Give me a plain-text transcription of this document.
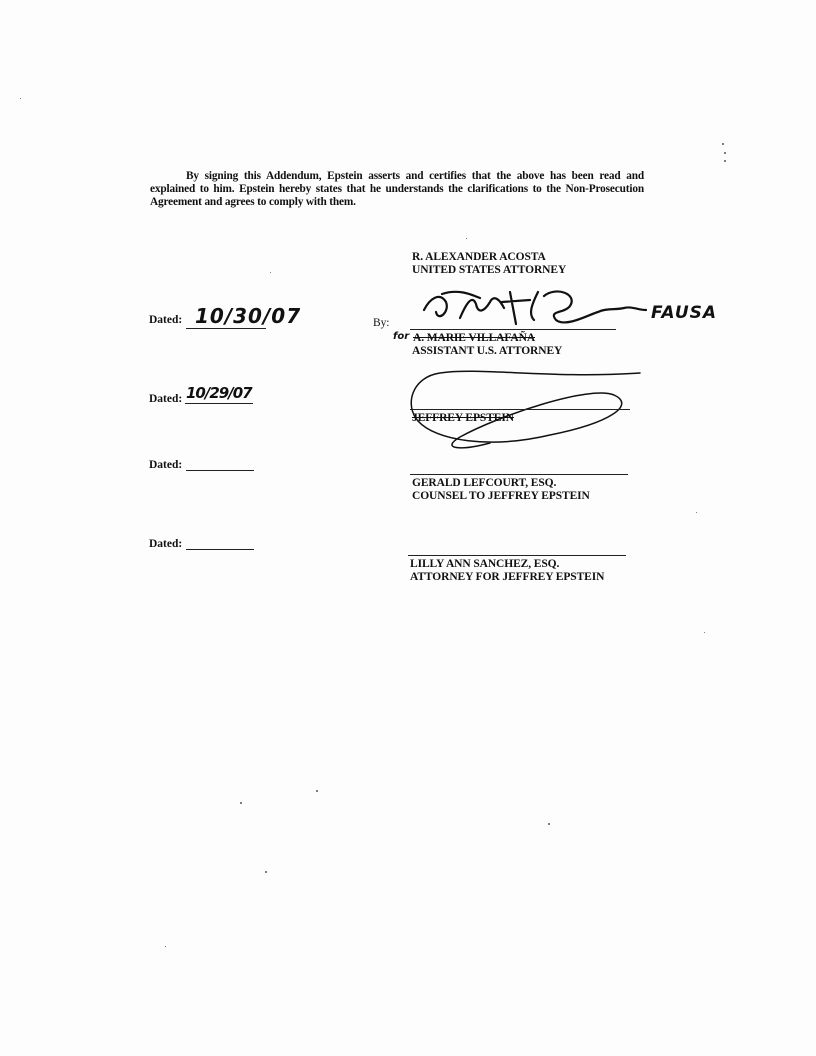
By signing this Addendum, Epstein asserts and certifies that the above has been read and explained to him. Epstein hereby states that he understands the clarifications to the Non-Prosecution Agreement and agrees to comply with them.
R. ALEXANDER ACOSTA
UNITED STATES ATTORNEY
Dated: 10/30/07	By:	FAUSA
for A. MARIE VILLAFAÑA
ASSISTANT U.S. ATTORNEY
Dated: 10/29/07
JEFFREY EPSTEIN
Dated:
GERALD LEFCOURT, ESQ.
COUNSEL TO JEFFREY EPSTEIN
Dated:
LILLY ANN SANCHEZ, ESQ.
ATTORNEY FOR JEFFREY EPSTEIN
